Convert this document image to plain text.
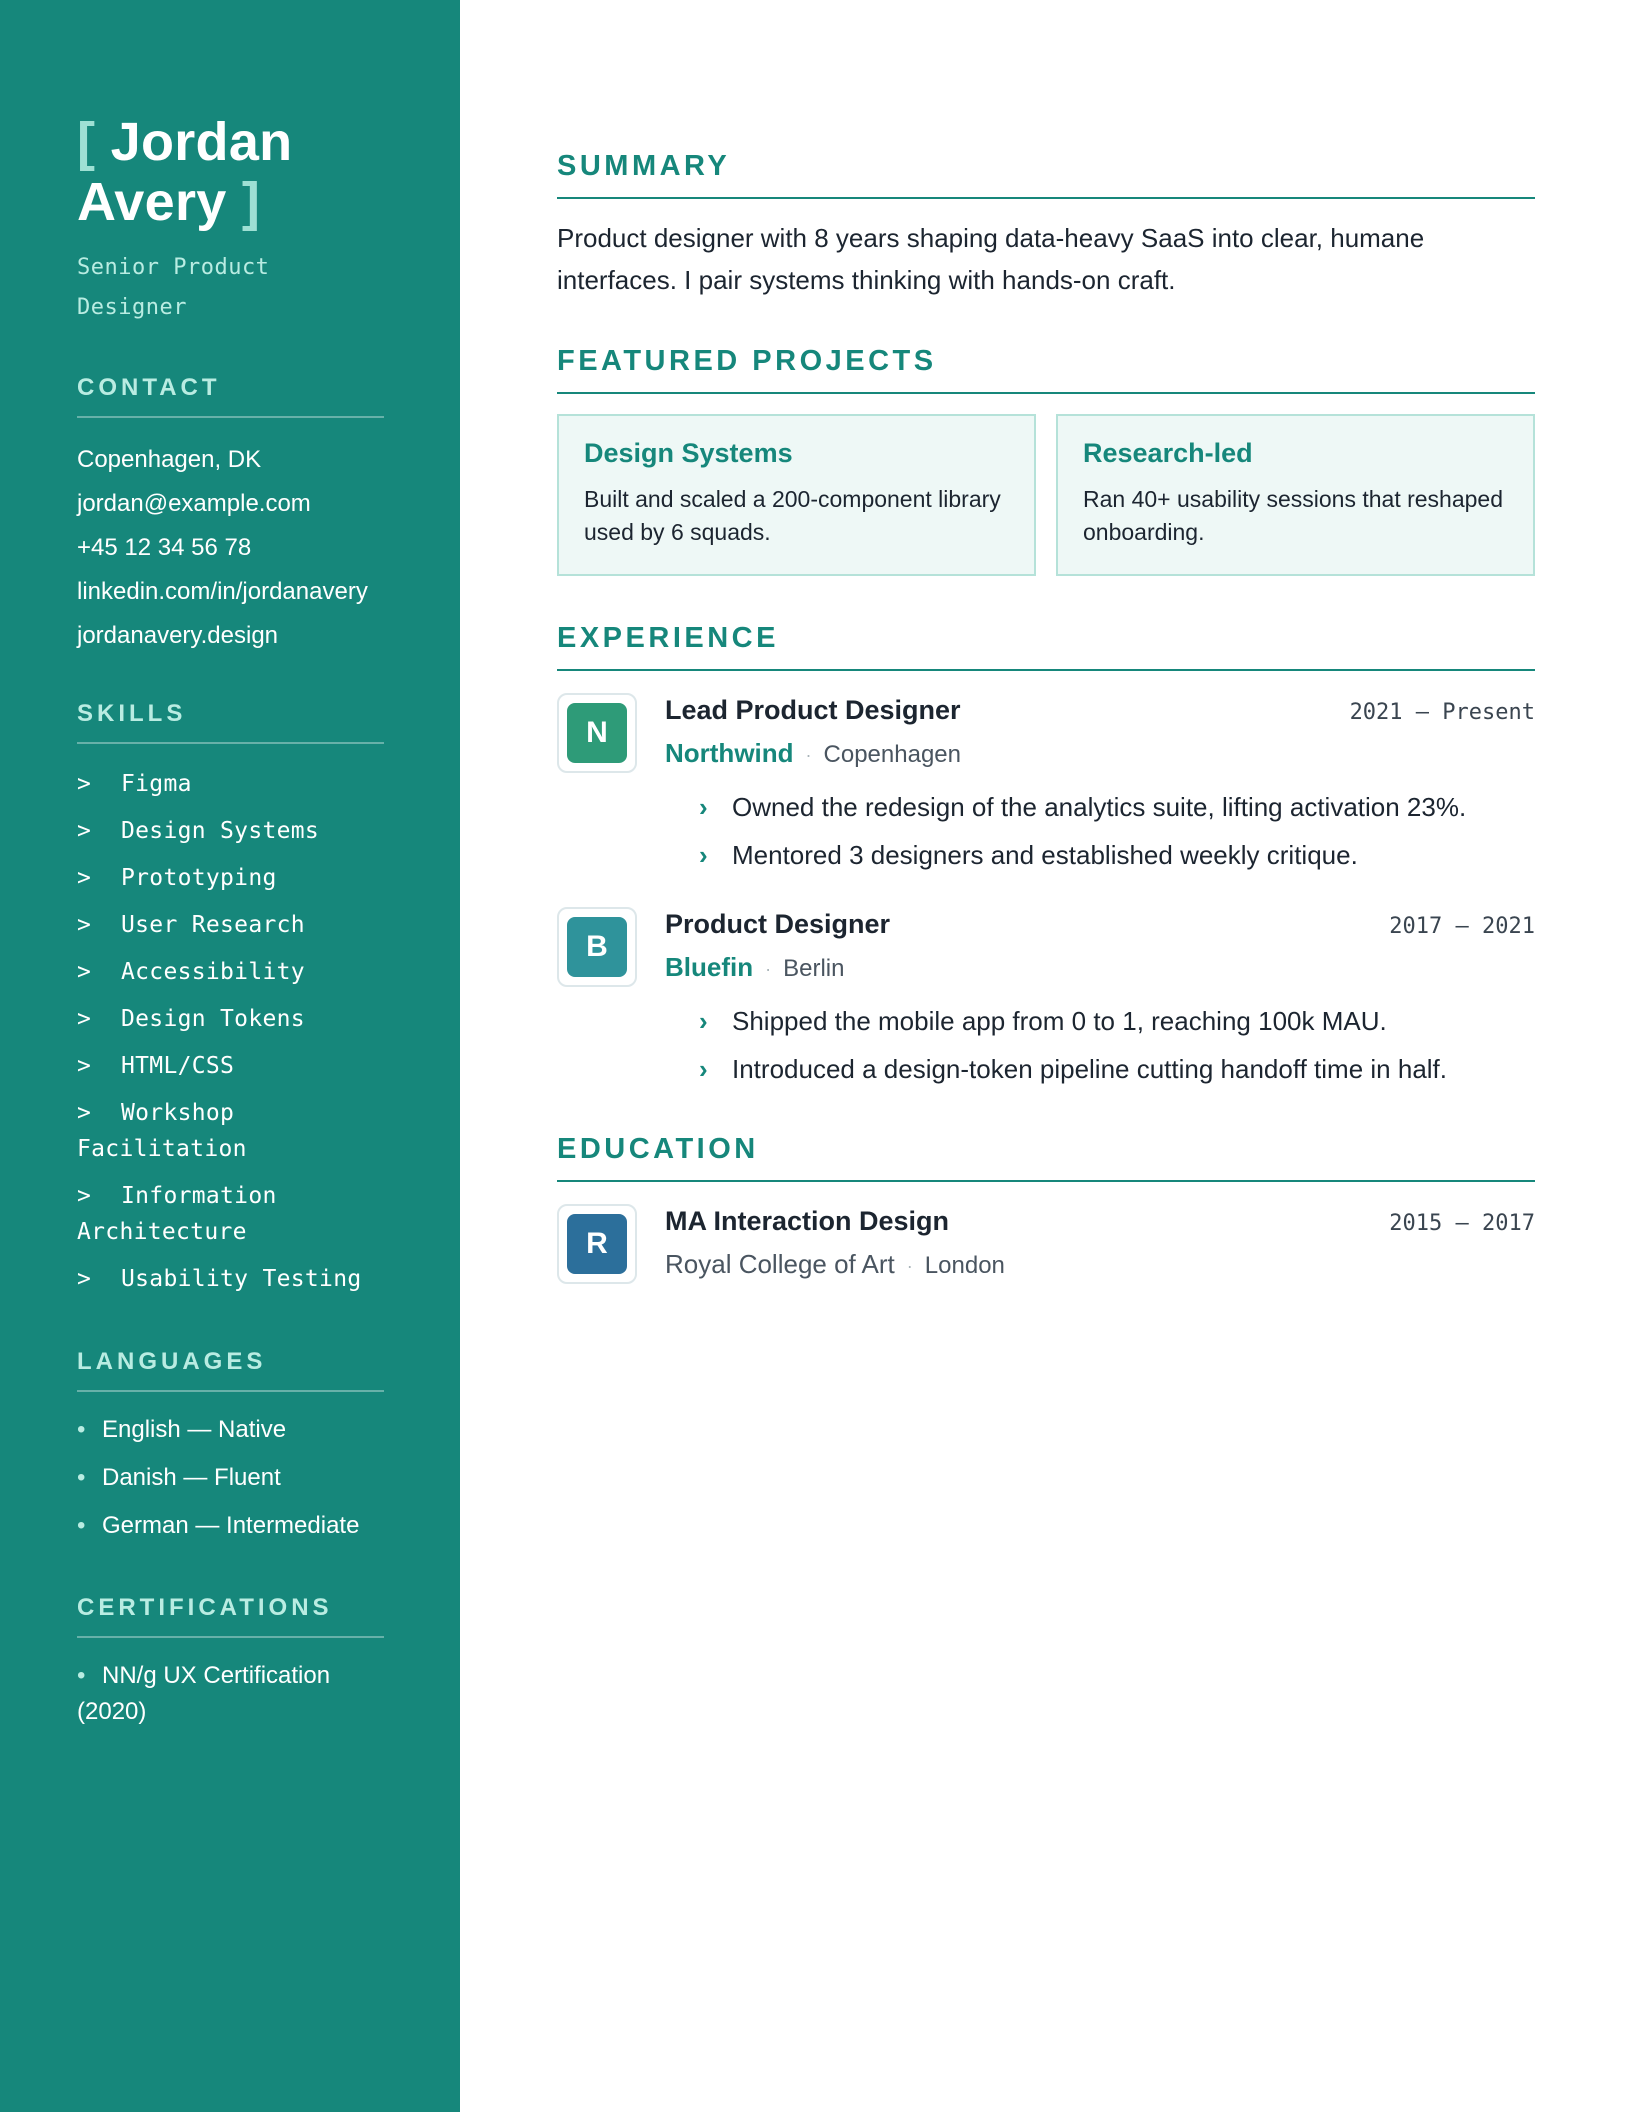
[ Jordan
Avery ]
Senior Product Designer
CONTACT
Copenhagen, DK
jordan@example.com
+45 12 34 56 78
linkedin.com/in/jordanavery
jordanavery.design
SKILLS
> Figma
> Design Systems
> Prototyping
> User Research
> Accessibility
> Design Tokens
> HTML/CSS
> Workshop Facilitation
> Information Architecture
> Usability Testing
LANGUAGES
• English — Native
• Danish — Fluent
• German — Intermediate
CERTIFICATIONS
• NN/g UX Certification (2020)
SUMMARY

Product designer with 8 years shaping data-heavy SaaS into clear, humane interfaces. I pair systems thinking with hands-on craft.

FEATURED PROJECTS
Design Systems
Built and scaled a 200-component library used by 6 squads.
Research-led
Ran 40+ usability sessions that reshaped onboarding.
EXPERIENCE
N
Lead Product Designer	2021 — Present
Northwind · Copenhagen
› Owned the redesign of the analytics suite, lifting activation 23%.
› Mentored 3 designers and established weekly critique.
B
Product Designer	2017 — 2021
Bluefin · Berlin
› Shipped the mobile app from 0 to 1, reaching 100k MAU.
› Introduced a design-token pipeline cutting handoff time in half.
EDUCATION
R
MA Interaction Design	2015 — 2017
Royal College of Art · London
